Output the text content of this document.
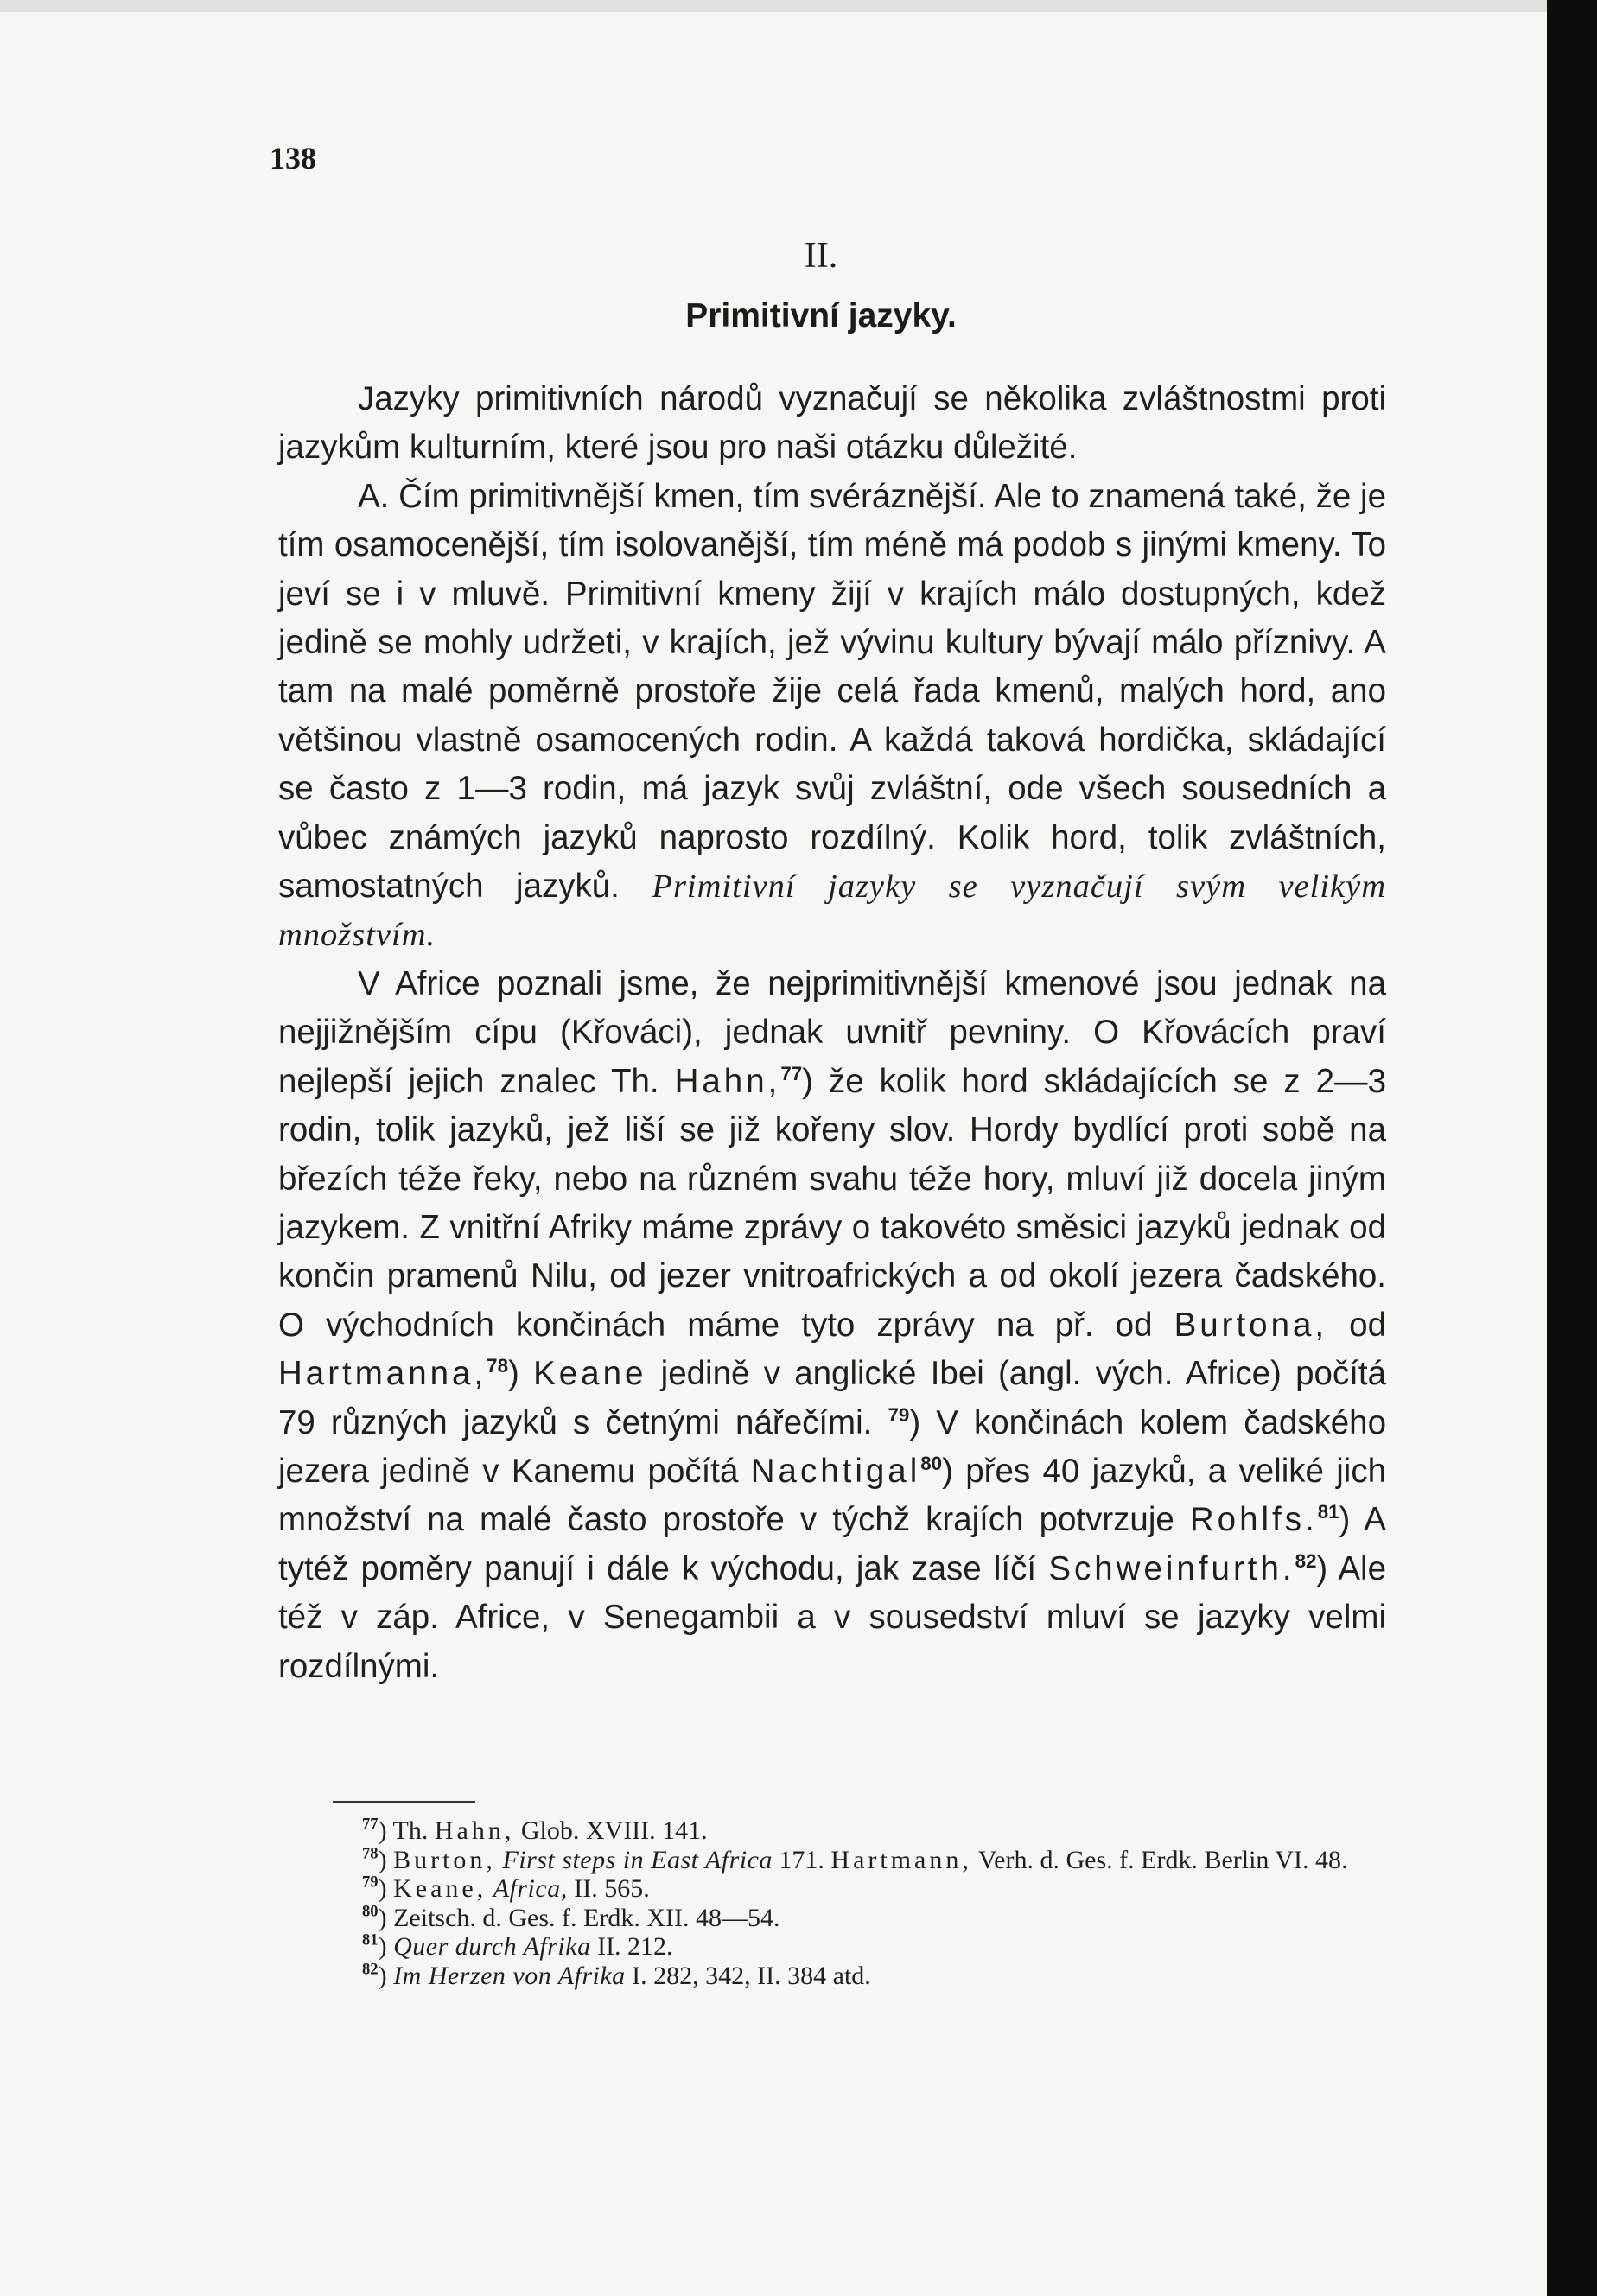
138
II.
Primitivní jazyky.

Jazyky primitivních národů vyznačují se několika zvláštnostmi proti jazykům kulturním, které jsou pro naši otázku důležité.

A. Čím primitivnější kmen, tím svéráznější. Ale to znamená také, že je tím osamocenější, tím isolovanější, tím méně má podob s jinými kmeny. To jeví se i v mluvě. Primitivní kmeny žijí v krajích málo dostupných, kdež jedině se mohly udržeti, v krajích, jež vývinu kultury bývají málo příznivy. A tam na malé poměrně prostoře žije celá řada kmenů, malých hord, ano většinou vlastně osamocených rodin. A každá taková hordička, skládající se často z 1—3 rodin, má jazyk svůj zvláštní, ode všech sousedních a vůbec známých jazyků naprosto rozdílný. Kolik hord, tolik zvláštních, samostatných jazyků. Primitivní jazyky se vyznačují svým velikým množstvím.

V Africe poznali jsme, že nejprimitivnější kmenové jsou jednak na nejjižnějším cípu (Křováci), jednak uvnitř pevniny. O Křovácích praví nejlepší jejich znalec Th. Hahn,$^{77}$) že kolik hord skládajících se z 2—3 rodin, tolik jazyků, jež liší se již kořeny slov. Hordy bydlící proti sobě na březích téže řeky, nebo na různém svahu téže hory, mluví již docela jiným jazykem. Z vnitřní Afriky máme zprávy o takovéto směsici jazyků jednak od končin pramenů Nilu, od jezer vnitroafrických a od okolí jezera čadského. O východních končinách máme tyto zprávy na př. od Burtona, od Hartmanna,$^{78}$) Keane jedině v anglické Ibei (angl. vých. Africe) počítá 79 různých jazyků s četnými nářečími. $^{79}$) V končinách kolem čadského jezera jedině v Kanemu počítá Nachtigal$^{80}$) přes 40 jazyků, a veliké jich množství na malé často prostoře v týchž krajích potvrzuje Rohlfs.$^{81}$) A tytéž poměry panují i dále k východu, jak zase líčí Schweinfurth.$^{82}$) Ale též v záp. Africe, v Senegambii a v sousedství mluví se jazyky velmi rozdílnými.

$^{77}$) Th. Hahn, Glob. XVIII. 141.

$^{78}$) Burton, First steps in East Africa 171. Hartmann, Verh. d. Ges. f. Erdk. Berlin VI. 48.

$^{79}$) Keane, Africa, II. 565.

$^{80}$) Zeitsch. d. Ges. f. Erdk. XII. 48—54.

$^{81}$) Quer durch Afrika II. 212.

$^{82}$) Im Herzen von Afrika I. 282, 342, II. 384 atd.
